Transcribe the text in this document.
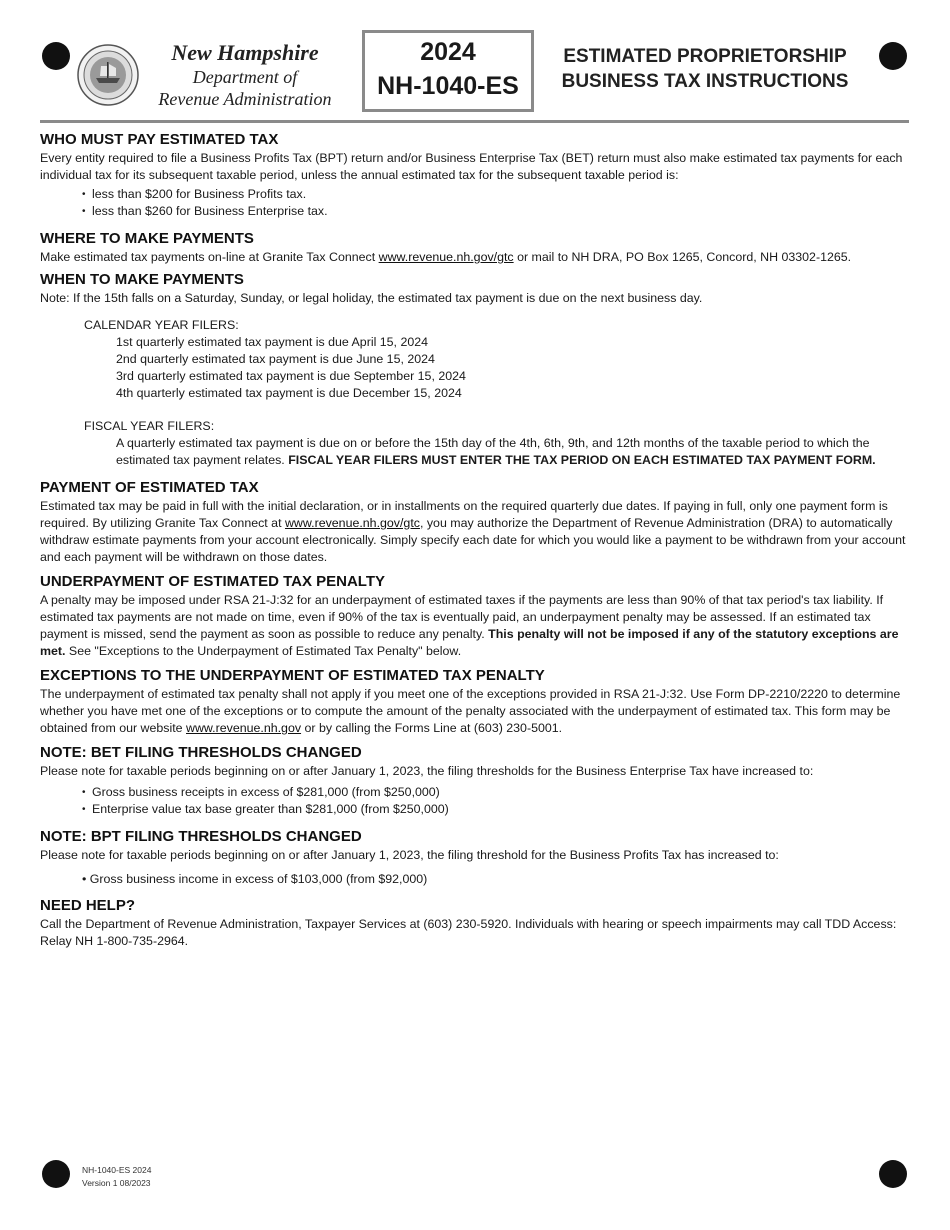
New Hampshire
Department of
Revenue Administration
2024
NH-1040-ES
ESTIMATED PROPRIETORSHIP
BUSINESS TAX INSTRUCTIONS
WHO MUST PAY ESTIMATED TAX

Every entity required to file a Business Profits Tax (BPT) return and/or Business Enterprise Tax (BET) return must also make estimated tax payments for each individual tax for its subsequent taxable period, unless the annual estimated tax for the subsequent taxable period is:

• less than $200 for Business Profits tax.
• less than $260 for Business Enterprise tax.
WHERE TO MAKE PAYMENTS

Make estimated tax payments on-line at Granite Tax Connect www.revenue.nh.gov/gtc or mail to NH DRA, PO Box 1265, Concord, NH 03302-1265.

WHEN TO MAKE PAYMENTS

Note: If the 15th falls on a Saturday, Sunday, or legal holiday, the estimated tax payment is due on the next business day.

CALENDAR YEAR FILERS:

1st quarterly estimated tax payment is due April 15, 2024

2nd quarterly estimated tax payment is due June 15, 2024

3rd quarterly estimated tax payment is due September 15, 2024

4th quarterly estimated tax payment is due December 15, 2024

FISCAL YEAR FILERS:

A quarterly estimated tax payment is due on or before the 15th day of the 4th, 6th, 9th, and 12th months of the taxable period to which the estimated tax payment relates. FISCAL YEAR FILERS MUST ENTER THE TAX PERIOD ON EACH ESTIMATED TAX PAYMENT FORM.

PAYMENT OF ESTIMATED TAX

Estimated tax may be paid in full with the initial declaration, or in installments on the required quarterly due dates. If paying in full, only one payment form is required. By utilizing Granite Tax Connect at www.revenue.nh.gov/gtc, you may authorize the Department of Revenue Administration (DRA) to automatically withdraw estimate payments from your account electronically. Simply specify each date for which you would like a payment to be withdrawn from your account and each payment will be withdrawn on those dates.

UNDERPAYMENT OF ESTIMATED TAX PENALTY

A penalty may be imposed under RSA 21-J:32 for an underpayment of estimated taxes if the payments are less than 90% of that tax period's tax liability. If estimated tax payments are not made on time, even if 90% of the tax is eventually paid, an underpayment penalty may be assessed. If an estimated tax payment is missed, send the payment as soon as possible to reduce any penalty. This penalty will not be imposed if any of the statutory exceptions are met. See "Exceptions to the Underpayment of Estimated Tax Penalty" below.

EXCEPTIONS TO THE UNDERPAYMENT OF ESTIMATED TAX PENALTY

The underpayment of estimated tax penalty shall not apply if you meet one of the exceptions provided in RSA 21-J:32. Use Form DP-2210/2220 to determine whether you have met one of the exceptions or to compute the amount of the penalty associated with the underpayment of estimated tax. This form may be obtained from our website www.revenue.nh.gov or by calling the Forms Line at (603) 230-5001.

NOTE: BET FILING THRESHOLDS CHANGED

Please note for taxable periods beginning on or after January 1, 2023, the filing thresholds for the Business Enterprise Tax have increased to:

• Gross business receipts in excess of $281,000 (from $250,000)
• Enterprise value tax base greater than $281,000 (from $250,000)
NOTE: BPT FILING THRESHOLDS CHANGED

Please note for taxable periods beginning on or after January 1, 2023, the filing threshold for the Business Profits Tax has increased to:

• Gross business income in excess of $103,000 (from $92,000)

NEED HELP?

Call the Department of Revenue Administration, Taxpayer Services at (603) 230-5920. Individuals with hearing or speech impairments may call TDD Access: Relay NH 1-800-735-2964.

NH-1040-ES 2024
Version 1 08/2023
